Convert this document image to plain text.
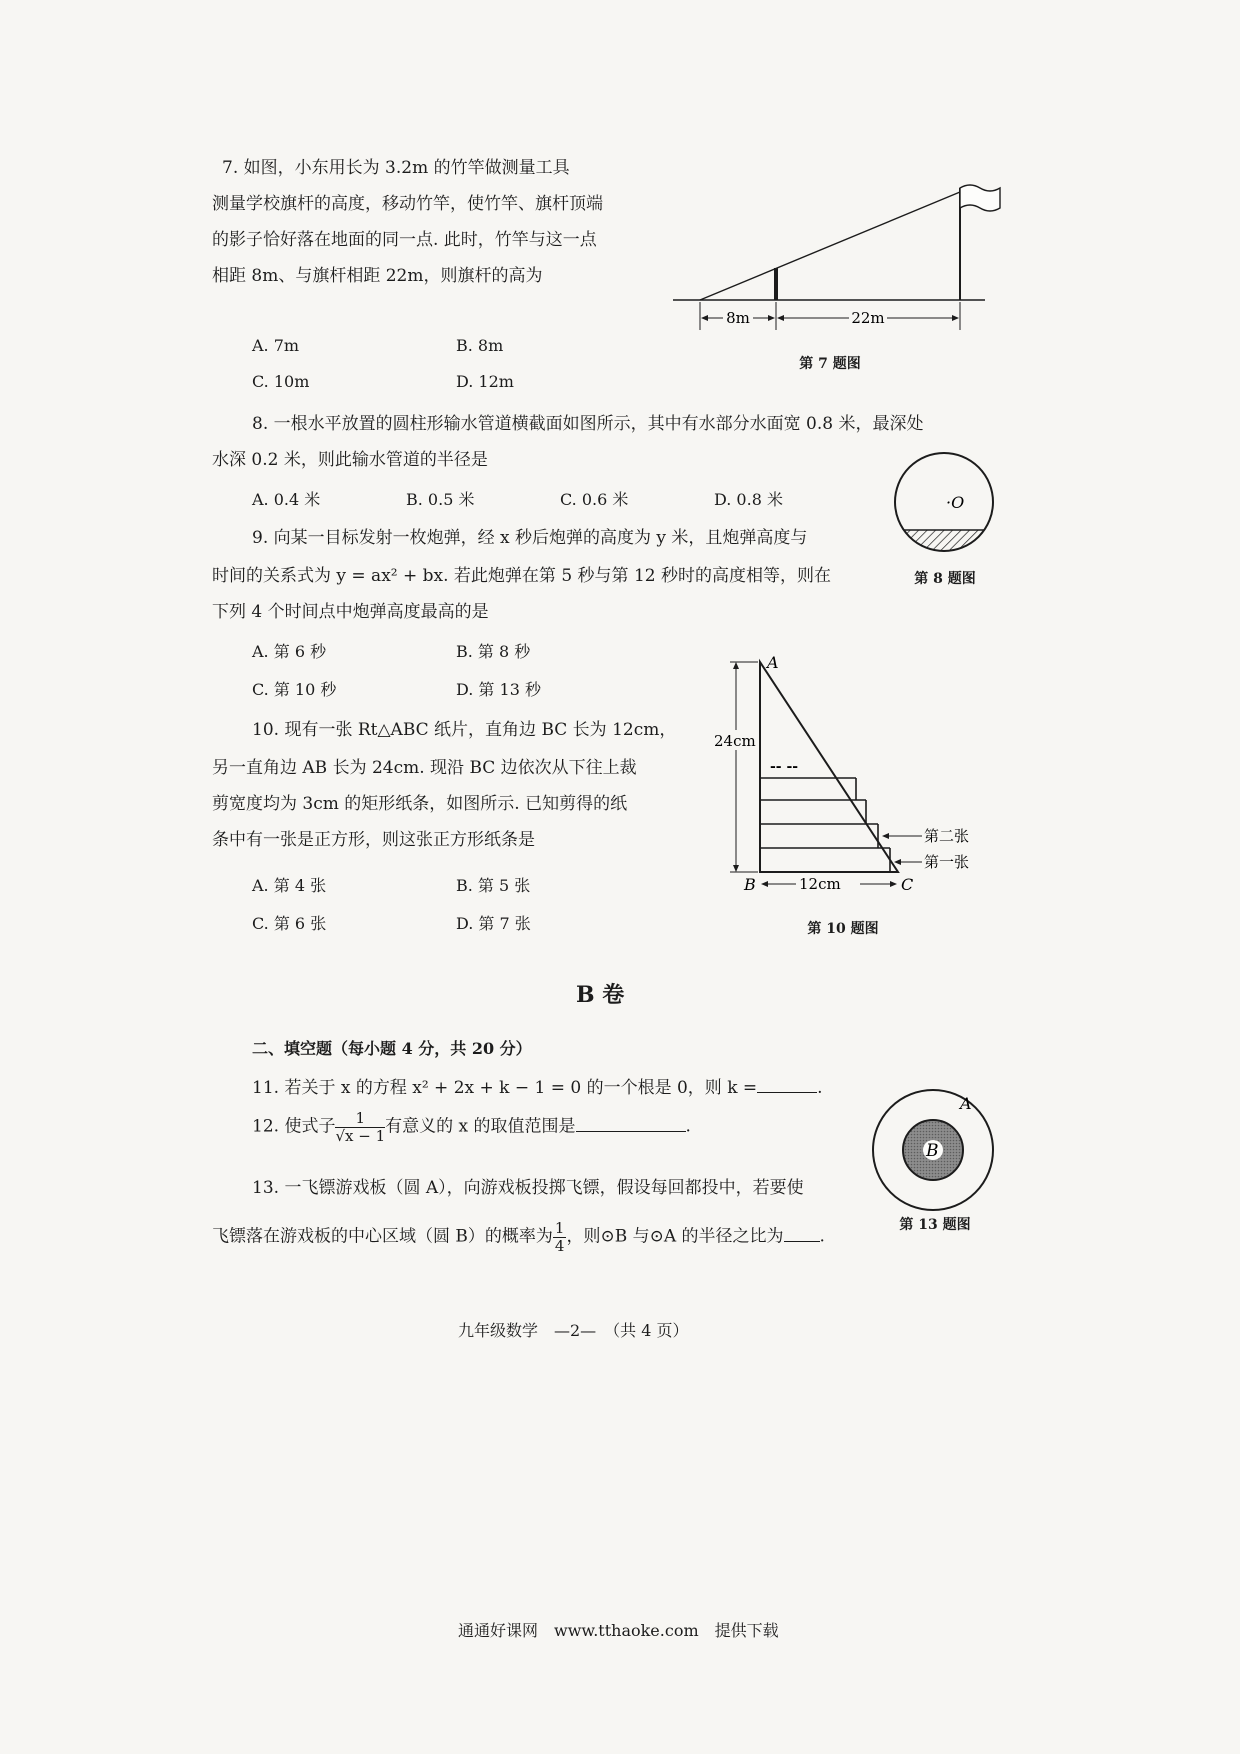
7. 如图，小东用长为 3.2m 的竹竿做测量工具
测量学校旗杆的高度，移动竹竿，使竹竿、旗杆顶端
的影子恰好落在地面的同一点. 此时，竹竿与这一点
相距 8m、与旗杆相距 22m，则旗杆的高为
A. 7m	B. 8m
C. 10m	D. 12m
8m	22m
第 7 题图
8. 一根水平放置的圆柱形输水管道横截面如图所示，其中有水部分水面宽 0.8 米，最深处
水深 0.2 米，则此输水管道的半径是
A. 0.4 米	B. 0.5 米	C. 0.6 米	D. 0.8 米	·O
第 8 题图
9. 向某一目标发射一枚炮弹，经 x 秒后炮弹的高度为 y 米，且炮弹高度与
时间的关系式为 y = ax² + bx. 若此炮弹在第 5 秒与第 12 秒时的高度相等，则在
下列 4 个时间点中炮弹高度最高的是
A. 第 6 秒	B. 第 8 秒
C. 第 10 秒	D. 第 13 秒
10. 现有一张 Rt△ABC 纸片，直角边 BC 长为 12cm，
另一直角边 AB 长为 24cm. 现沿 BC 边依次从下往上裁
剪宽度均为 3cm 的矩形纸条，如图所示. 已知剪得的纸
条中有一张是正方形，则这张正方形纸条是
A. 第 4 张	B. 第 5 张
C. 第 6 张	D. 第 7 张
-- --
24cm
12cm
A
B	C
第二张
第一张
第 10 题图
B 卷
二、填空题（每小题 4 分，共 20 分）
11. 若关于 x 的方程 x² + 2x + k − 1 = 0 的一个根是 0，则 k =	.
12. 使式子 $\frac{1}{√x - 1}$ 有意义的 x 的取值范围是	.
13. 一飞镖游戏板（圆 A），向游戏板投掷飞镖，假设每回都投中，若要使
飞镖落在游戏板的中心区域（圆 B）的概率为 $\frac{1}{4}$ ，则⊙B 与⊙A 的半径之比为 .
B
A
第 13 题图
九年级数学　—2—　（共 4 页）
通通好课网　www.tthaoke.com　提供下载
